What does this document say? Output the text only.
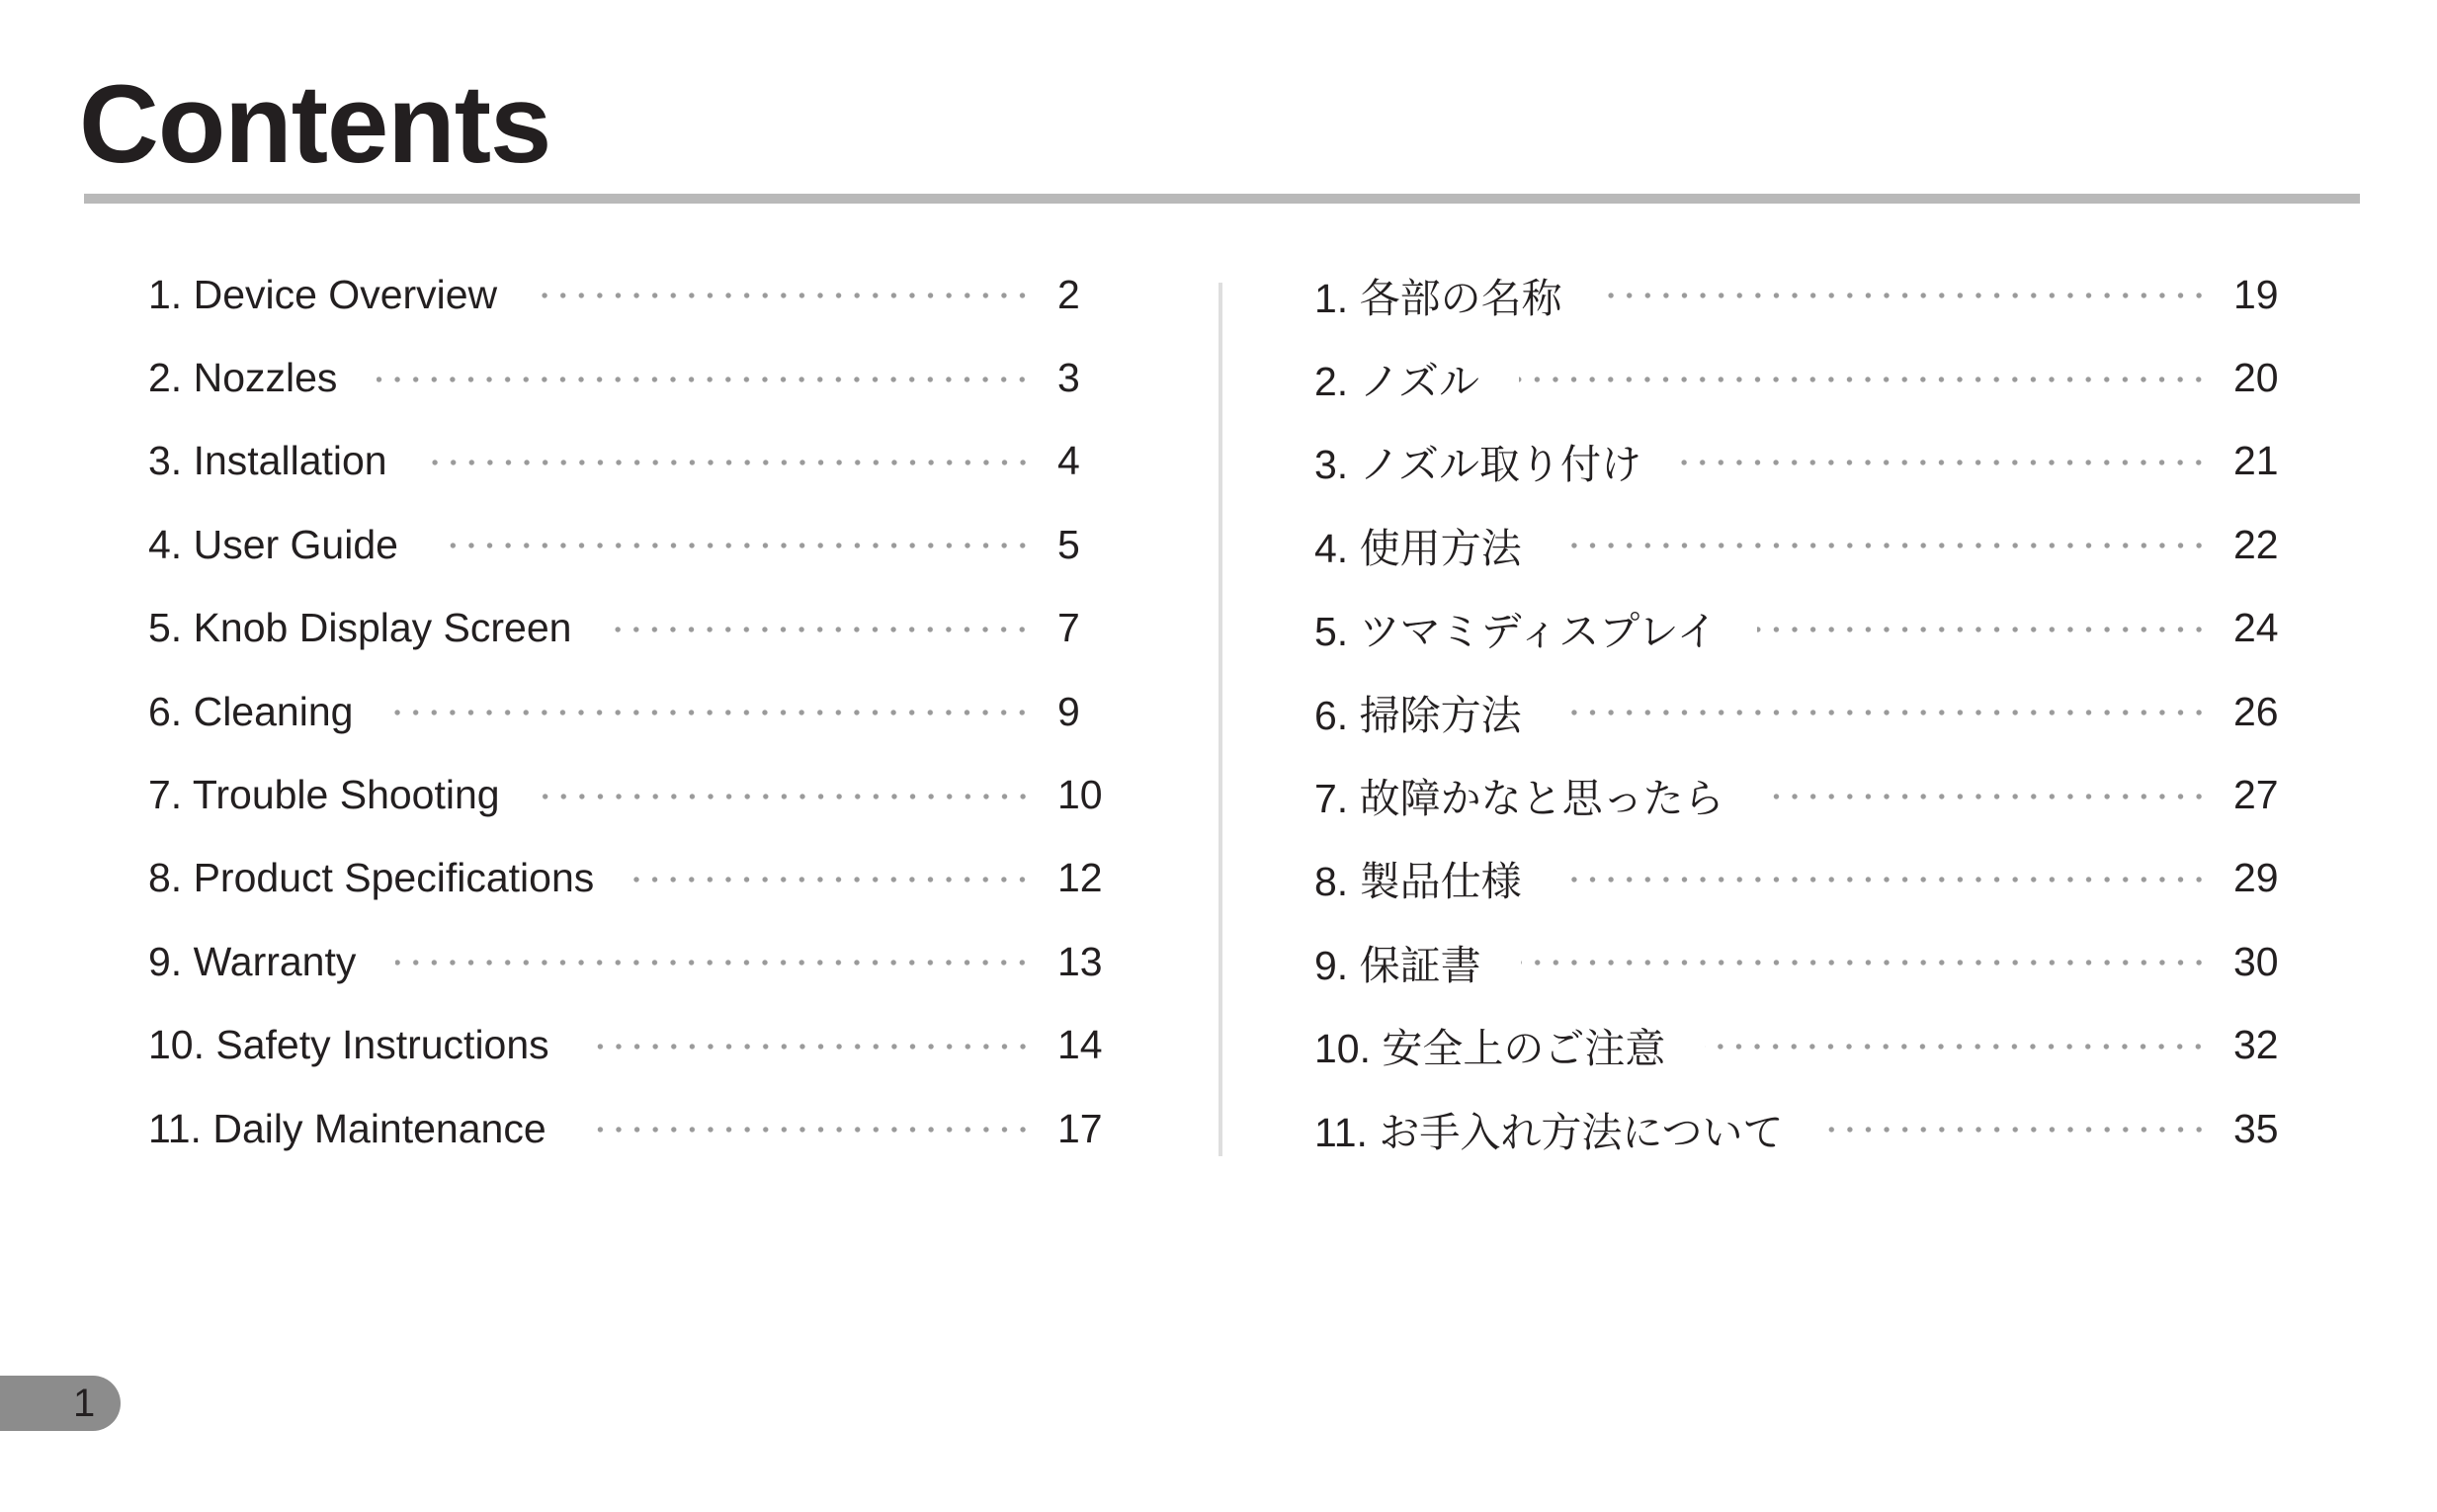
Contents
1. Device Overview	2
2. Nozzles	3
3. Installation	4
4. User Guide	5
5. Knob Display Screen	7
6. Cleaning	9
7. Trouble Shooting	10
8. Product Specifications	12
9. Warranty	13
10. Safety Instructions	14
11. Daily Maintenance	17
1. 各部の名称	19
2. ノズル	20
3. ノズル取り付け	21
4. 使用方法	22
5. ツマミディスプレイ	24
6. 掃除方法	26
7. 故障かなと思ったら	27
8. 製品仕様	29
9. 保証書	30
10. 安全上のご注意	32
11. お手入れ方法について	35
1
